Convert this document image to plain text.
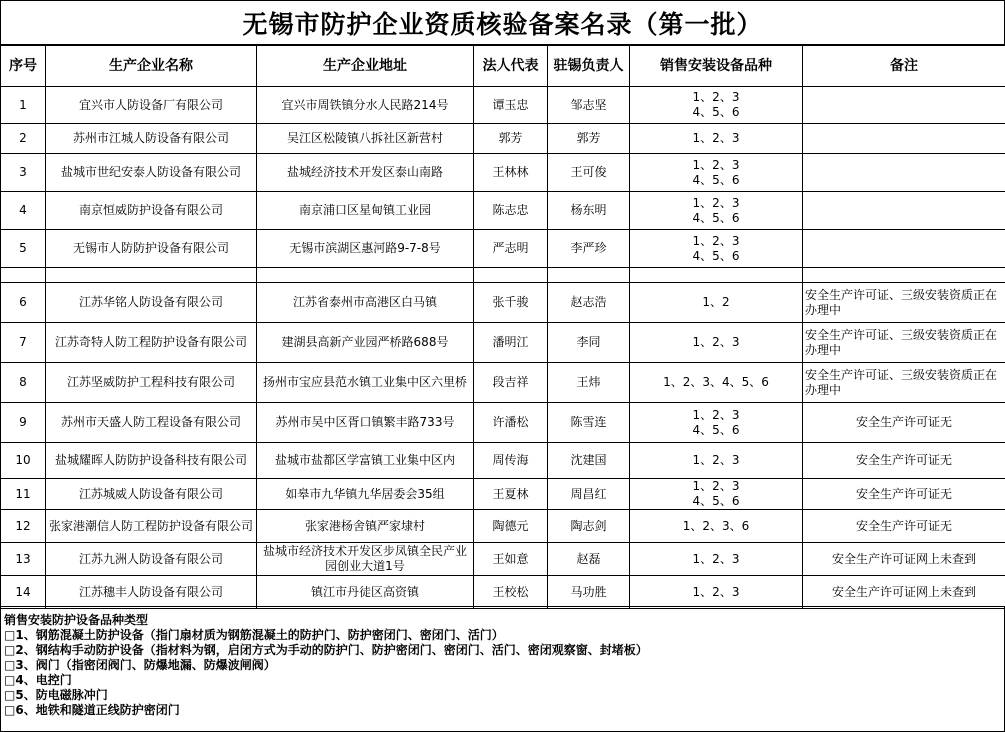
无锡市防护企业资质核验备案名录（第一批）
序号	生产企业名称	生产企业地址	法人代表	驻锡负责人	销售安装设备品种	备注
1	宜兴市人防设备厂有限公司	宜兴市周铁镇分水人民路214号	谭玉忠	邹志坚	1、2、3
4、5、6	

2	苏州市江城人防设备有限公司	吴江区松陵镇八拆社区新营村	郭芳	郭芳	1、2、3	

3	盐城市世纪安泰人防设备有限公司	盐城经济技术开发区泰山南路	王林林	王可俊	1、2、3
4、5、6	

4	南京恒威防护设备有限公司	南京浦口区星甸镇工业园	陈志忠	杨东明	1、2、3
4、5、6	

5	无锡市人防防护设备有限公司	无锡市滨湖区惠河路9-7-8号	严志明	李严珍	1、2、3
4、5、6	

6	江苏华铭人防设备有限公司	江苏省泰州市高港区白马镇	张千骏	赵志浩	1、2	安全生产许可证、三级安装资质正在办理中
7	江苏奇特人防工程防护设备有限公司	建湖县高新产业园严桥路688号	潘明江	李同	1、2、3	安全生产许可证、三级安装资质正在办理中
8	江苏坚威防护工程科技有限公司	扬州市宝应县范水镇工业集中区六里桥	段吉祥	王炜	1、2、3、4、5、6	安全生产许可证、三级安装资质正在办理中
9	苏州市天盛人防工程设备有限公司	苏州市吴中区胥口镇繁丰路733号	许潘松	陈雪连	1、2、3
4、5、6	安全生产许可证无
10	盐城耀晖人防防护设备科技有限公司	盐城市盐都区学富镇工业集中区内	周传海	沈建国	1、2、3	安全生产许可证无
11	江苏城威人防设备有限公司	如皋市九华镇九华居委会35组	王夏林	周昌红	1、2、3
4、5、6	安全生产许可证无
12	张家港潮信人防工程防护设备有限公司	张家港杨舍镇严家埭村	陶德元	陶志剑	1、2、3、6	安全生产许可证无
13	江苏九洲人防设备有限公司	盐城市经济技术开发区步凤镇全民产业园创业大道1号	王如意	赵磊	1、2、3	安全生产许可证网上未查到
14	江苏穗丰人防设备有限公司	镇江市丹徒区高资镇	王校松	马功胜	1、2、3	安全生产许可证网上未查到
销售安装防护设备品种类型
□1、钢筋混凝土防护设备（指门扇材质为钢筋混凝土的防护门、防护密闭门、密闭门、活门）
□2、钢结构手动防护设备（指材料为钢，启闭方式为手动的防护门、防护密闭门、密闭门、活门、密闭观察窗、封堵板）
□3、阀门（指密闭阀门、防爆地漏、防爆波闸阀）
□4、电控门
□5、防电磁脉冲门
□6、地铁和隧道正线防护密闭门
